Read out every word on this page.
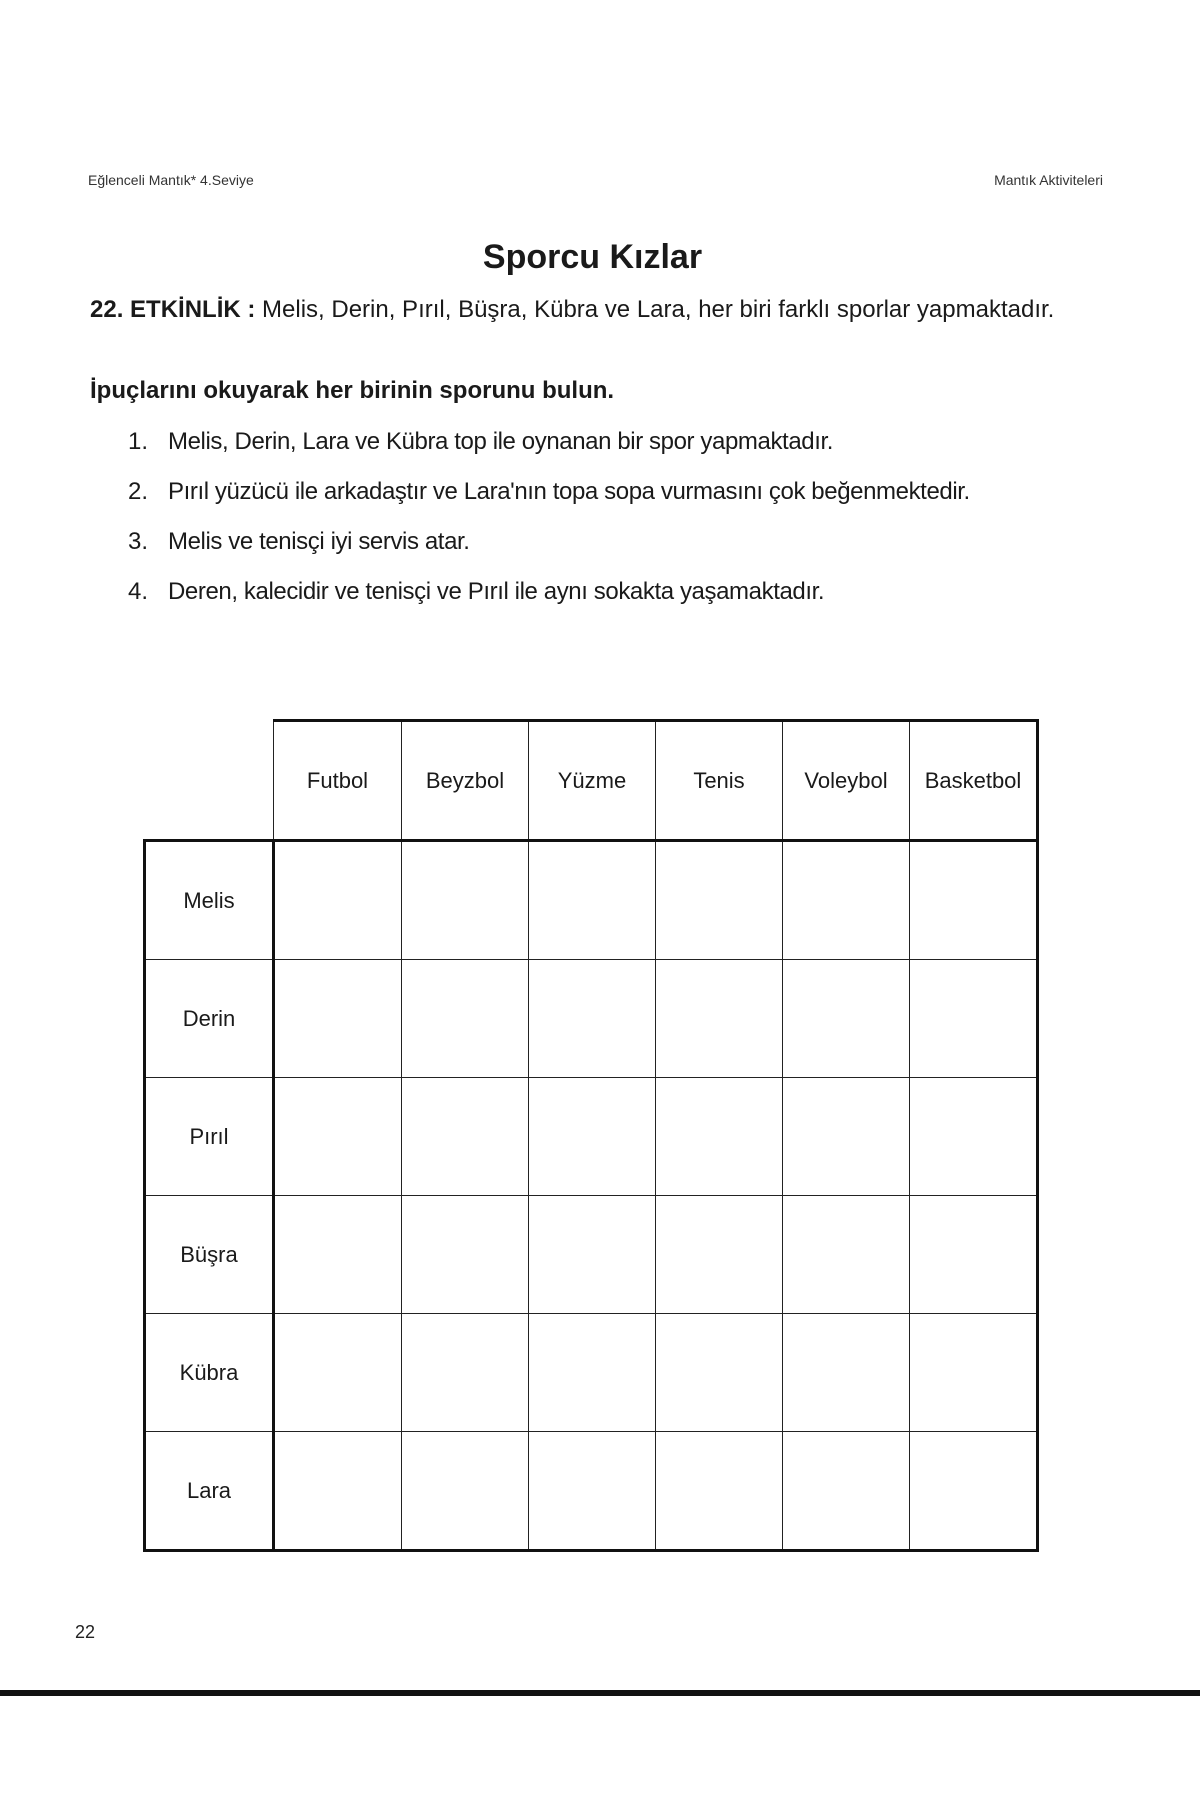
Eğlenceli Mantık* 4.Seviye	Mantık Aktiviteleri
Sporcu Kızlar
22. ETKİNLİK : Melis, Derin, Pırıl, Büşra, Kübra ve Lara, her biri farklı sporlar yapmaktadır.
İpuçlarını okuyarak her birinin sporunu bulun.
1. Melis, Derin, Lara ve Kübra top ile oynanan bir spor yapmaktadır.
2. Pırıl yüzücü ile arkadaştır ve Lara'nın topa sopa vurmasını çok beğenmektedir.
3. Melis ve tenisçi iyi servis atar.
4. Deren, kalecidir ve tenisçi ve Pırıl ile aynı sokakta yaşamaktadır.
	Futbol	Beyzbol	Yüzme	Tenis	Voleybol	Basketbol
Melis						
Derin						
Pırıl						
Büşra						
Kübra						
Lara						
22
